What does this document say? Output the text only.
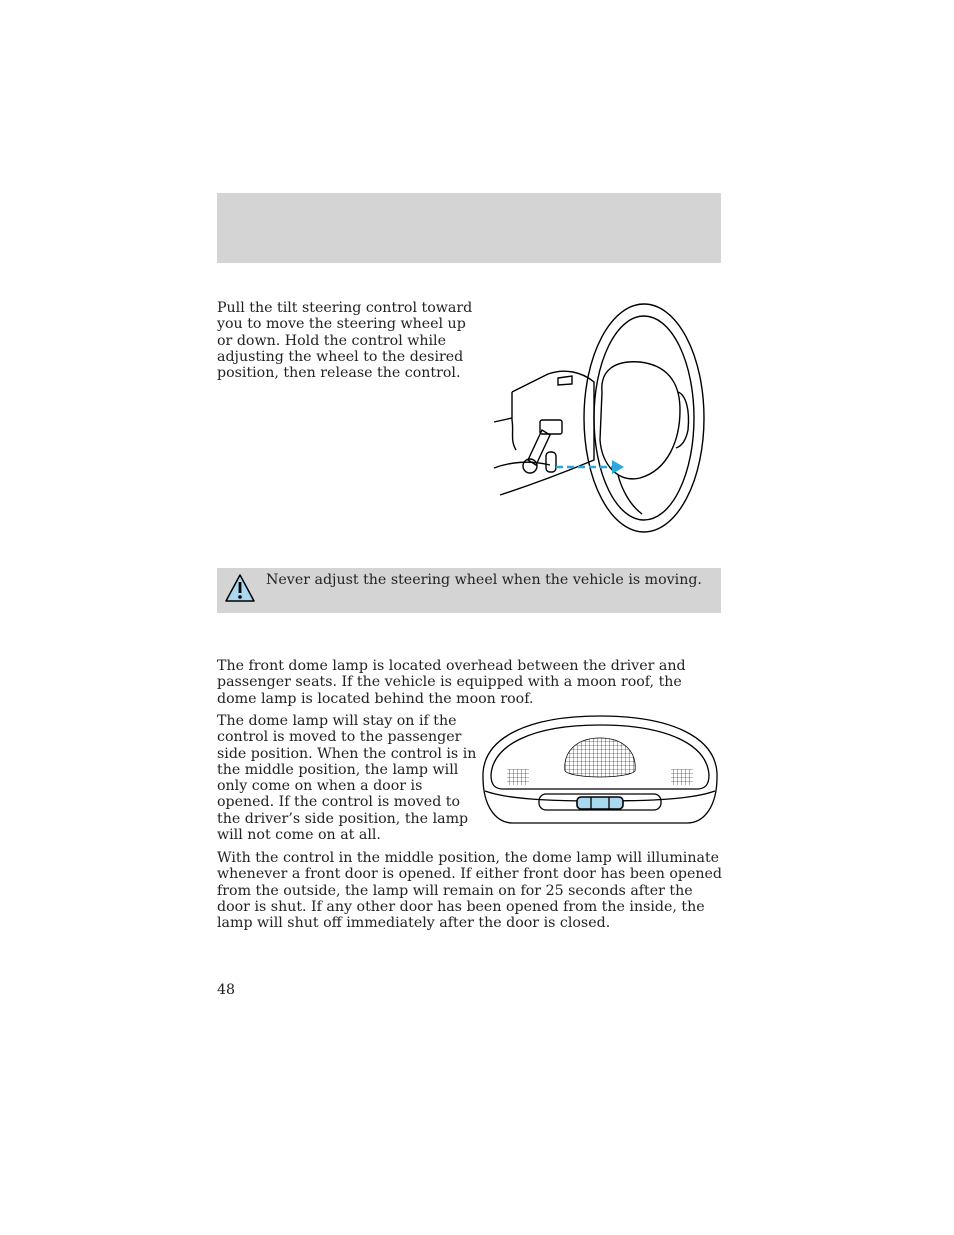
Pull the tilt steering control toward you to move the steering wheel up or down. Hold the control while adjusting the wheel to the desired position, then release the control.

Never adjust the steering wheel when the vehicle is moving.

The front dome lamp is located overhead between the driver and passenger seats. If the vehicle is equipped with a moon roof, the dome lamp is located behind the moon roof.

The dome lamp will stay on if the control is moved to the passenger side position. When the control is in the middle position, the lamp will only come on when a door is opened. If the control is moved to the driver’s side position, the lamp will not come on at all.

With the control in the middle position, the dome lamp will illuminate whenever a front door is opened. If either front door has been opened from the outside, the lamp will remain on for 25 seconds after the door is shut. If any other door has been opened from the inside, the lamp will shut off immediately after the door is closed.

48
